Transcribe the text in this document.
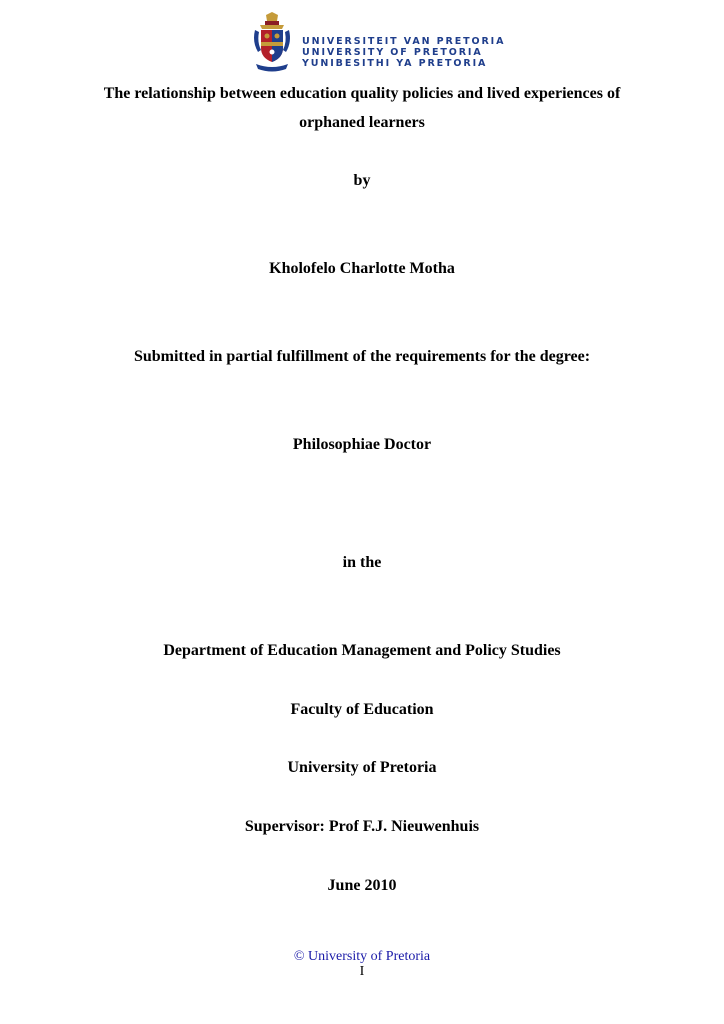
UNIVERSITEIT VAN PRETORIA
UNIVERSITY OF PRETORIA
YUNIBESITHI YA PRETORIA
The relationship between education quality policies and lived experiences of
orphaned learners
by
Kholofelo Charlotte Motha
Submitted in partial fulfillment of the requirements for the degree:
Philosophiae Doctor
in the
Department of Education Management and Policy Studies
Faculty of Education
University of Pretoria
Supervisor: Prof F.J. Nieuwenhuis
June 2010
© University of Pretoria
I
